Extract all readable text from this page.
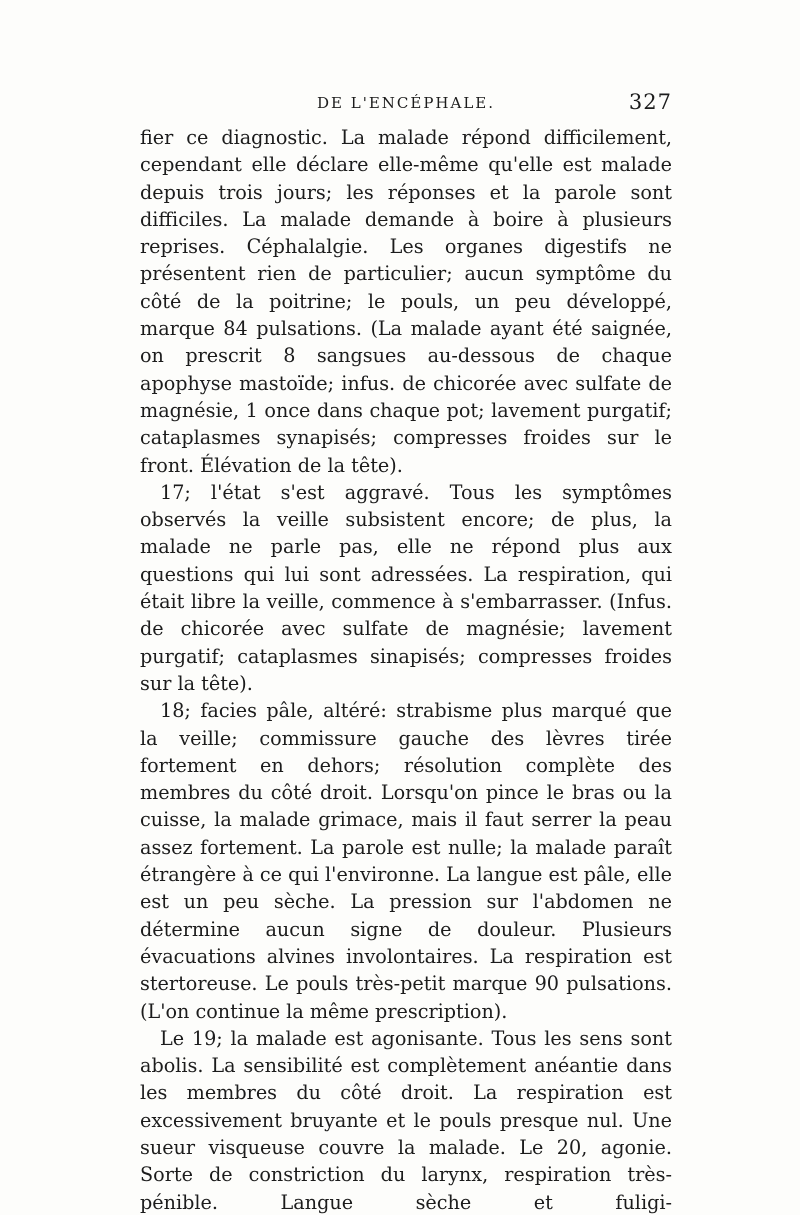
DE L'ENCÉPHALE.	327

fier ce diagnostic. La malade répond difficilement, cependant elle déclare elle-même qu'elle est malade depuis trois jours; les réponses et la parole sont difficiles. La malade demande à boire à plusieurs reprises. Céphalalgie. Les organes digestifs ne présentent rien de particulier; aucun symptôme du côté de la poitrine; le pouls, un peu développé, marque 84 pulsations. (La malade ayant été saignée, on prescrit 8 sangsues au-dessous de chaque apophyse mastoïde; infus. de chicorée avec sulfate de magnésie, 1 once dans chaque pot; lavement purgatif; cataplasmes synapisés; compresses froides sur le front. Élévation de la tête).

17; l'état s'est aggravé. Tous les symptômes observés la veille subsistent encore; de plus, la malade ne parle pas, elle ne répond plus aux questions qui lui sont adressées. La respiration, qui était libre la veille, commence à s'embarrasser. (Infus. de chicorée avec sulfate de magnésie; lavement purgatif; cataplasmes sinapisés; compresses froides sur la tête).

18; facies pâle, altéré: strabisme plus marqué que la veille; commissure gauche des lèvres tirée fortement en dehors; résolution complète des membres du côté droit. Lorsqu'on pince le bras ou la cuisse, la malade grimace, mais il faut serrer la peau assez fortement. La parole est nulle; la malade paraît étrangère à ce qui l'environne. La langue est pâle, elle est un peu sèche. La pression sur l'abdomen ne détermine aucun signe de douleur. Plusieurs évacuations alvines involontaires. La respiration est stertoreuse. Le pouls très-petit marque 90 pulsations. (L'on continue la même prescription).

Le 19; la malade est agonisante. Tous les sens sont abolis. La sensibilité est complètement anéantie dans les membres du côté droit. La respiration est excessivement bruyante et le pouls presque nul. Une sueur visqueuse couvre la malade. Le 20, agonie. Sorte de constriction du larynx, respiration très-pénible. Langue sèche et fuligi-
